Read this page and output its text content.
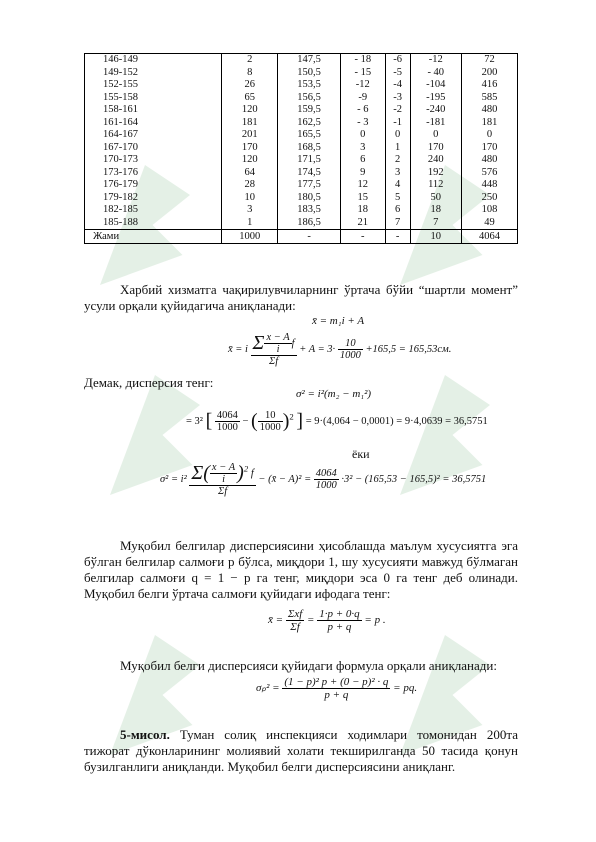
146-149	2	147,5	- 18	-6	-12	72
149-152	8	150,5	- 15	-5	- 40	200
152-155	26	153,5	-12	-4	-104	416
155-158	65	156,5	-9	-3	-195	585
158-161	120	159,5	- 6	-2	-240	480
161-164	181	162,5	- 3	-1	-181	181
164-167	201	165,5	0	0	0	0
167-170	170	168,5	3	1	170	170
170-173	120	171,5	6	2	240	480
173-176	64	174,5	9	3	192	576
176-179	28	177,5	12	4	112	448
179-182	10	180,5	15	5	50	250
182-185	3	183,5	18	6	18	108
185-188	1	186,5	21	7	7	49
Жами	1000	-	-	-	10	4064
Харбий хизматга чақирилувчиларнинг ўртача бўйи “шартли момент” усули орқали қуйидагича аниқланади:
x̄ = m₁i + A
x̄ = i $\frac{\Sigma \frac{x - A}{i} f}{\Sigma f} + A = 3\cdot \frac{10}{1000} +165,5 = 165,53см$.
Демак, дисперсия тенг:
σ² = i²(m₂ − m₁²)
= 3² [ $\frac{4064}{1000}$ − ( $\frac{10}{1000} )^2$ ] = 9·(4,064 − 0,0001) = 9·4,0639 = 36,5751
ёки
$\sigma^2 = i^2 \frac{\Sigma( \frac{x - A}{i} )^2 f}{\Sigma f}$ − (x̄ − $A)^2 = \frac{4064}{1000} \cdot 3^2 - (165,53 - 165,5)^2 = 36,5751$
Муқобил белгилар дисперсиясини ҳисоблашда маълум хусусиятга эга бўлган белгилар салмоғи p бўлса, миқдори 1, шу хусусияти мавжуд бўлмаган белгилар салмоғи q = 1 − p га тенг, миқдори эса 0 га тенг деб олинади. Муқобил белги ўртача салмоғи қуйидаги ифодага тенг:
x̄ = $\frac{\text{Σxf}}{\Sigma f} = \frac{1\cdot p + 0\cdot q}{p + q} = p$ .
Муқобил белги дисперсияси қуйидаги формула орқали аниқланади:
$\sigma_p^2 = \frac{\text{(1 − p)² p + (0 − p)² · q}}{p + q}$ = pq.
5-мисол. Туман солиқ инспекцияси ходимлари томонидан 200та тижорат дўконларининг молиявий холати текширилганда 50 тасида қонун бузилганлиги аниқланди. Муқобил белги дисперсиясини аниқланг.
